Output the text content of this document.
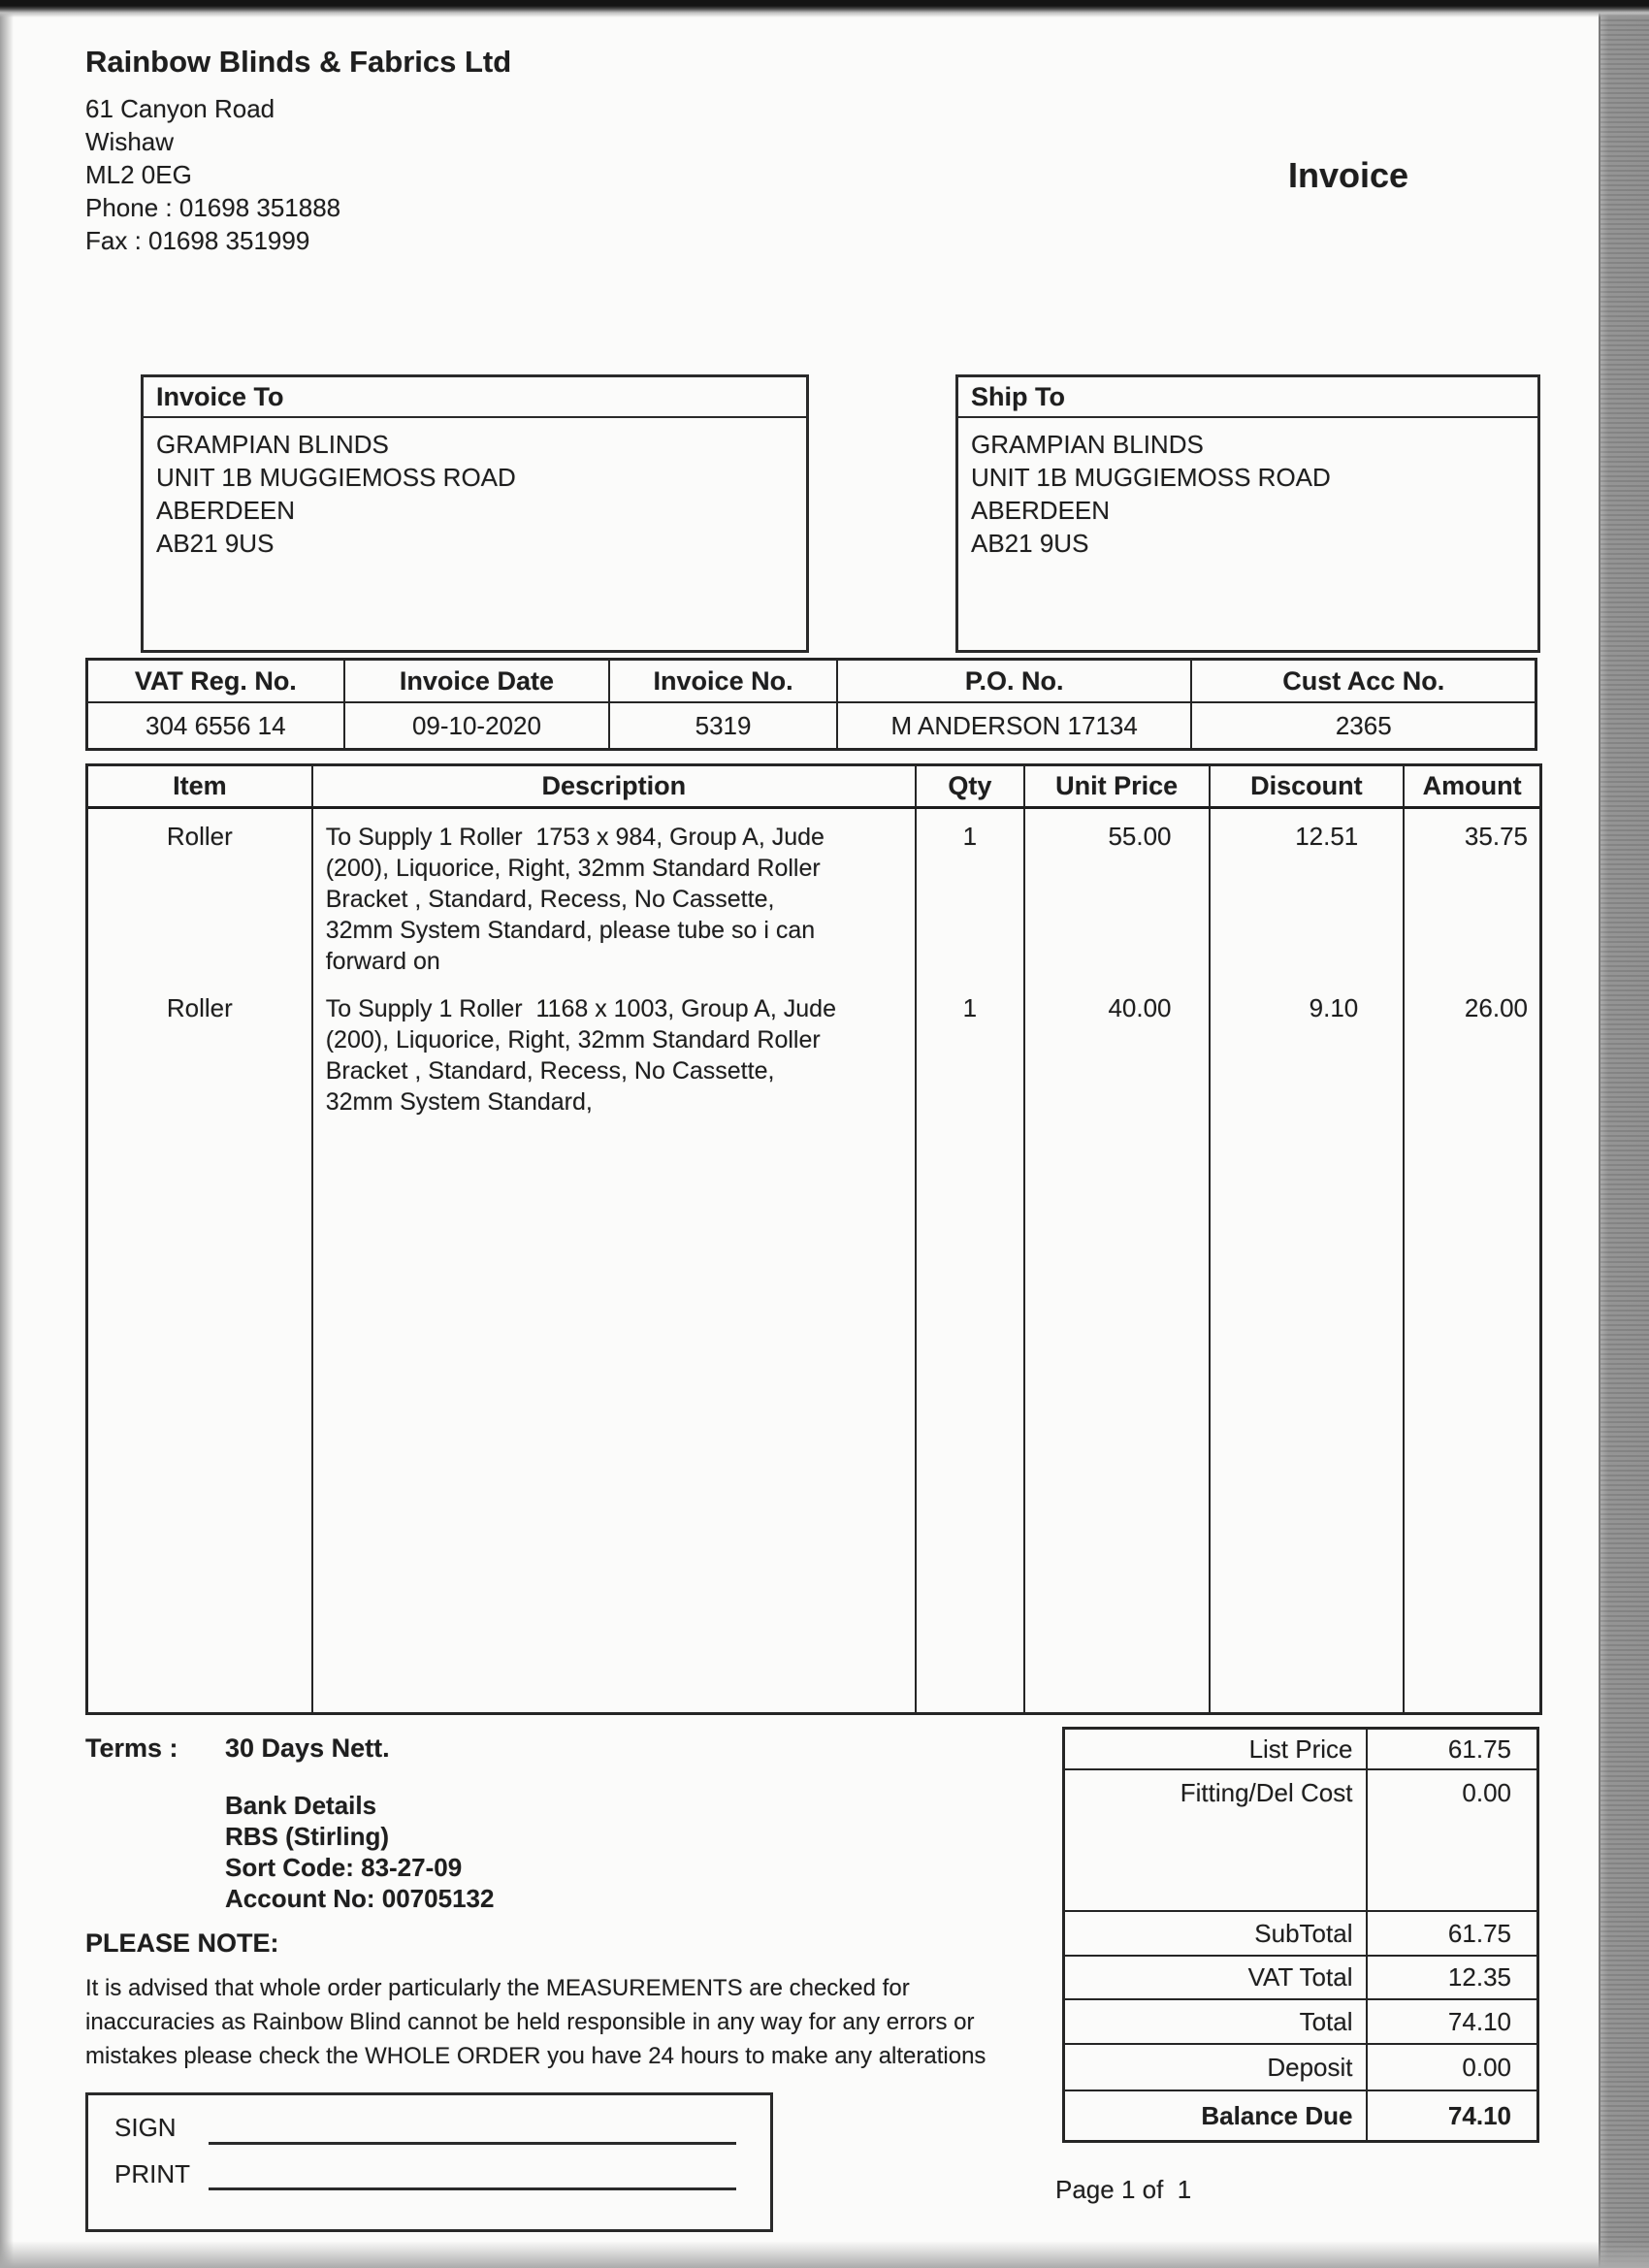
Rainbow Blinds & Fabrics Ltd
61 Canyon Road
Wishaw
ML2 0EG
Phone : 01698 351888
Fax : 01698 351999
Invoice
Invoice To
GRAMPIAN BLINDS
UNIT 1B MUGGIEMOSS ROAD
ABERDEEN
AB21 9US
Ship To
GRAMPIAN BLINDS
UNIT 1B MUGGIEMOSS ROAD
ABERDEEN
AB21 9US
VAT Reg. No.	Invoice Date	Invoice No.	P.O. No.	Cust Acc No.
304 6556 14	09-10-2020	5319	M ANDERSON 17134	2365
Item	Description	Qty	Unit Price	Discount	Amount
Roller	To Supply 1 Roller  1753 x 984, Group A, Jude
(200), Liquorice, Right, 32mm Standard Roller
Bracket , Standard, Recess, No Cassette,
32mm System Standard, please tube so i can
forward on
1	55.00	12.51	35.75
Roller	To Supply 1 Roller  1168 x 1003, Group A, Jude
(200), Liquorice, Right, 32mm Standard Roller
Bracket , Standard, Recess, No Cassette,
32mm System Standard,
1	40.00	9.10	26.00
Terms : 30 Days Nett.
Bank Details
RBS (Stirling)
Sort Code: 83-27-09
Account No: 00705132
PLEASE NOTE:
It is advised that whole order particularly the MEASUREMENTS are checked for
inaccuracies as Rainbow Blind cannot be held responsible in any way for any errors or
mistakes please check the WHOLE ORDER you have 24 hours to make any alterations
List Price	61.75
Fitting/Del Cost	0.00
SubTotal	61.75
VAT Total	12.35
Total	74.10
Deposit	0.00
Balance Due	74.10
SIGN
PRINT
Page 1 of  1
